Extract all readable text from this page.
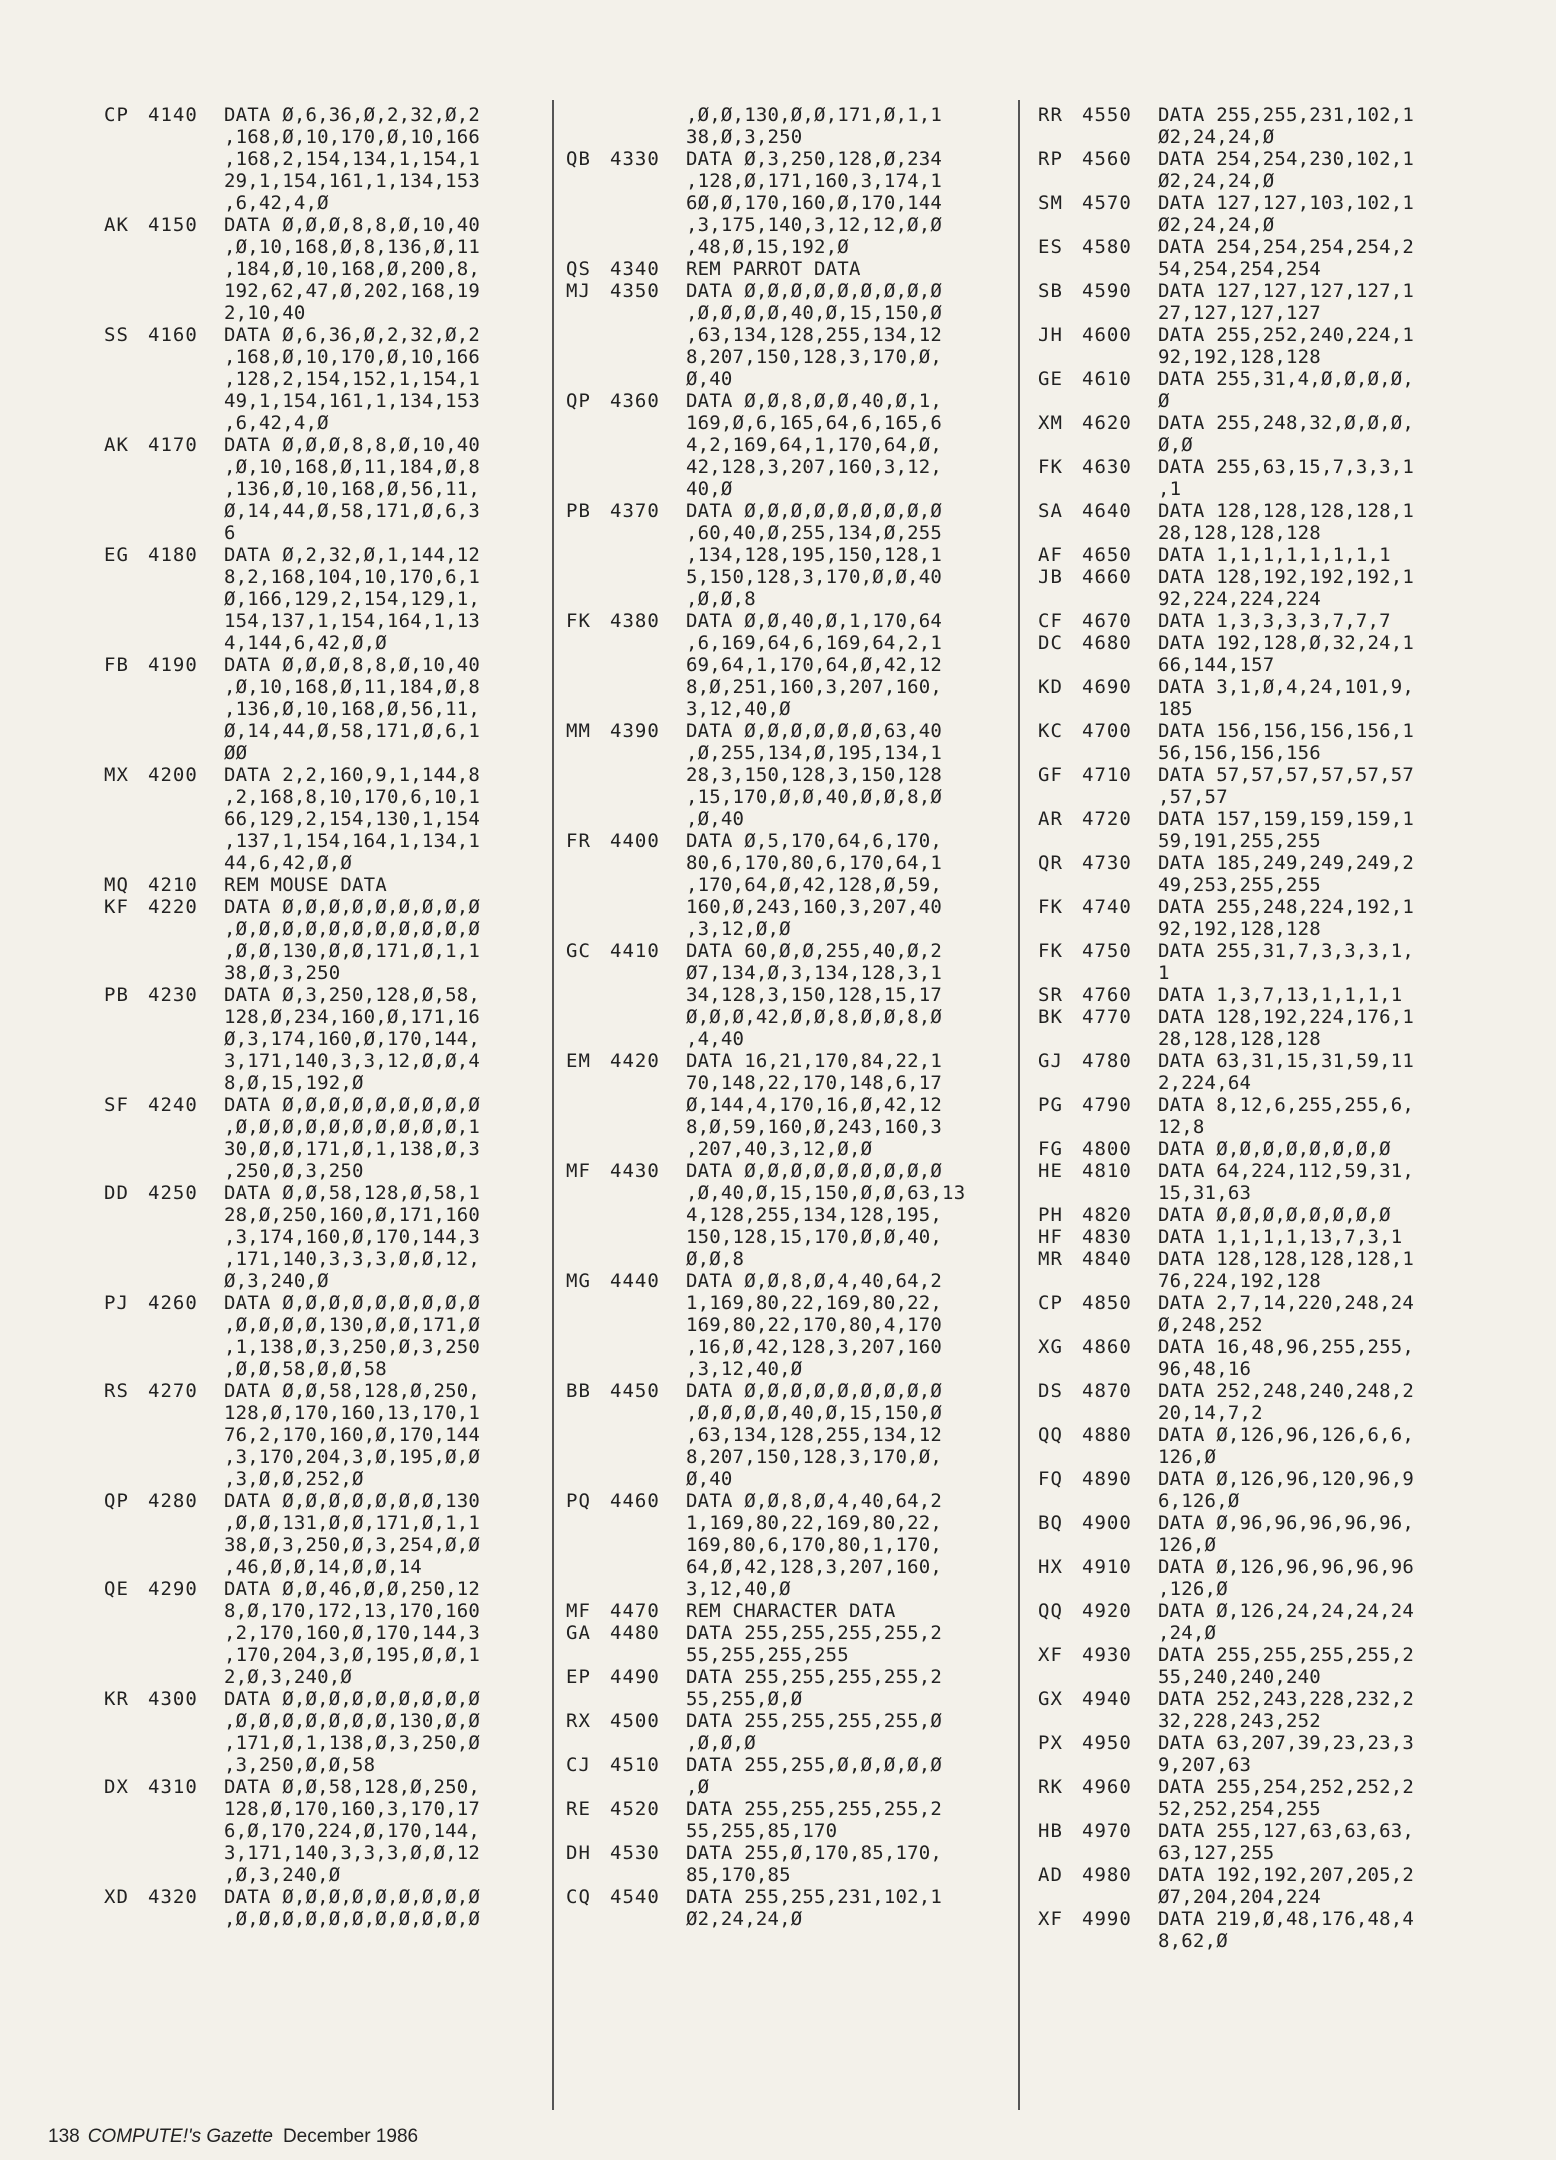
CP	4140	DATA Ø,6,36,Ø,2,32,Ø,2
,168,Ø,10,170,Ø,10,166
,168,2,154,134,1,154,1
29,1,154,161,1,134,153
,6,42,4,Ø
AK	4150	DATA Ø,Ø,Ø,8,8,Ø,10,40
,Ø,10,168,Ø,8,136,Ø,11
,184,Ø,10,168,Ø,200,8,
192,62,47,Ø,202,168,19
2,10,40
SS	4160	DATA Ø,6,36,Ø,2,32,Ø,2
,168,Ø,10,170,Ø,10,166
,128,2,154,152,1,154,1
49,1,154,161,1,134,153
,6,42,4,Ø
AK	4170	DATA Ø,Ø,Ø,8,8,Ø,10,40
,Ø,10,168,Ø,11,184,Ø,8
,136,Ø,10,168,Ø,56,11,
Ø,14,44,Ø,58,171,Ø,6,3
6
EG	4180	DATA Ø,2,32,Ø,1,144,12
8,2,168,104,10,170,6,1
Ø,166,129,2,154,129,1,
154,137,1,154,164,1,13
4,144,6,42,Ø,Ø
FB	4190	DATA Ø,Ø,Ø,8,8,Ø,10,40
,Ø,10,168,Ø,11,184,Ø,8
,136,Ø,10,168,Ø,56,11,
Ø,14,44,Ø,58,171,Ø,6,1
ØØ
MX	4200	DATA 2,2,160,9,1,144,8
,2,168,8,10,170,6,10,1
66,129,2,154,130,1,154
,137,1,154,164,1,134,1
44,6,42,Ø,Ø
MQ	4210	REM MOUSE DATA
KF	4220	DATA Ø,Ø,Ø,Ø,Ø,Ø,Ø,Ø,Ø
,Ø,Ø,Ø,Ø,Ø,Ø,Ø,Ø,Ø,Ø,Ø
,Ø,Ø,130,Ø,Ø,171,Ø,1,1
38,Ø,3,250
PB	4230	DATA Ø,3,250,128,Ø,58,
128,Ø,234,160,Ø,171,16
Ø,3,174,160,Ø,170,144,
3,171,140,3,3,12,Ø,Ø,4
8,Ø,15,192,Ø
SF	4240	DATA Ø,Ø,Ø,Ø,Ø,Ø,Ø,Ø,Ø
,Ø,Ø,Ø,Ø,Ø,Ø,Ø,Ø,Ø,Ø,1
30,Ø,Ø,171,Ø,1,138,Ø,3
,250,Ø,3,250
DD	4250	DATA Ø,Ø,58,128,Ø,58,1
28,Ø,250,160,Ø,171,160
,3,174,160,Ø,170,144,3
,171,140,3,3,3,Ø,Ø,12,
Ø,3,240,Ø
PJ	4260	DATA Ø,Ø,Ø,Ø,Ø,Ø,Ø,Ø,Ø
,Ø,Ø,Ø,Ø,130,Ø,Ø,171,Ø
,1,138,Ø,3,250,Ø,3,250
,Ø,Ø,58,Ø,Ø,58
RS	4270	DATA Ø,Ø,58,128,Ø,250,
128,Ø,170,160,13,170,1
76,2,170,160,Ø,170,144
,3,170,204,3,Ø,195,Ø,Ø
,3,Ø,Ø,252,Ø
QP	4280	DATA Ø,Ø,Ø,Ø,Ø,Ø,Ø,130
,Ø,Ø,131,Ø,Ø,171,Ø,1,1
38,Ø,3,250,Ø,3,254,Ø,Ø
,46,Ø,Ø,14,Ø,Ø,14
QE	4290	DATA Ø,Ø,46,Ø,Ø,250,12
8,Ø,170,172,13,170,160
,2,170,160,Ø,170,144,3
,170,204,3,Ø,195,Ø,Ø,1
2,Ø,3,240,Ø
KR	4300	DATA Ø,Ø,Ø,Ø,Ø,Ø,Ø,Ø,Ø
,Ø,Ø,Ø,Ø,Ø,Ø,Ø,130,Ø,Ø
,171,Ø,1,138,Ø,3,250,Ø
,3,250,Ø,Ø,58
DX	4310	DATA Ø,Ø,58,128,Ø,250,
128,Ø,170,160,3,170,17
6,Ø,170,224,Ø,170,144,
3,171,140,3,3,3,Ø,Ø,12
,Ø,3,240,Ø
XD	4320	DATA Ø,Ø,Ø,Ø,Ø,Ø,Ø,Ø,Ø
,Ø,Ø,Ø,Ø,Ø,Ø,Ø,Ø,Ø,Ø,Ø
,Ø,Ø,130,Ø,Ø,171,Ø,1,1
38,Ø,3,250
QB	4330	DATA Ø,3,250,128,Ø,234
,128,Ø,171,160,3,174,1
6Ø,Ø,170,160,Ø,170,144
,3,175,140,3,12,12,Ø,Ø
,48,Ø,15,192,Ø
QS	4340	REM PARROT DATA
MJ	4350	DATA Ø,Ø,Ø,Ø,Ø,Ø,Ø,Ø,Ø
,Ø,Ø,Ø,Ø,40,Ø,15,150,Ø
,63,134,128,255,134,12
8,207,150,128,3,170,Ø,
Ø,40
QP	4360	DATA Ø,Ø,8,Ø,Ø,40,Ø,1,
169,Ø,6,165,64,6,165,6
4,2,169,64,1,170,64,Ø,
42,128,3,207,160,3,12,
40,Ø
PB	4370	DATA Ø,Ø,Ø,Ø,Ø,Ø,Ø,Ø,Ø
,60,40,Ø,255,134,Ø,255
,134,128,195,150,128,1
5,150,128,3,170,Ø,Ø,40
,Ø,Ø,8
FK	4380	DATA Ø,Ø,40,Ø,1,170,64
,6,169,64,6,169,64,2,1
69,64,1,170,64,Ø,42,12
8,Ø,251,160,3,207,160,
3,12,40,Ø
MM	4390	DATA Ø,Ø,Ø,Ø,Ø,Ø,63,40
,Ø,255,134,Ø,195,134,1
28,3,150,128,3,150,128
,15,170,Ø,Ø,40,Ø,Ø,8,Ø
,Ø,40
FR	4400	DATA Ø,5,170,64,6,170,
80,6,170,80,6,170,64,1
,170,64,Ø,42,128,Ø,59,
160,Ø,243,160,3,207,40
,3,12,Ø,Ø
GC	4410	DATA 60,Ø,Ø,255,40,Ø,2
Ø7,134,Ø,3,134,128,3,1
34,128,3,150,128,15,17
Ø,Ø,Ø,42,Ø,Ø,8,Ø,Ø,8,Ø
,4,40
EM	4420	DATA 16,21,170,84,22,1
70,148,22,170,148,6,17
Ø,144,4,170,16,Ø,42,12
8,Ø,59,160,Ø,243,160,3
,207,40,3,12,Ø,Ø
MF	4430	DATA Ø,Ø,Ø,Ø,Ø,Ø,Ø,Ø,Ø
,Ø,40,Ø,15,150,Ø,Ø,63,13
4,128,255,134,128,195,
150,128,15,170,Ø,Ø,40,
Ø,Ø,8
MG	4440	DATA Ø,Ø,8,Ø,4,40,64,2
1,169,80,22,169,80,22,
169,80,22,170,80,4,170
,16,Ø,42,128,3,207,160
,3,12,40,Ø
BB	4450	DATA Ø,Ø,Ø,Ø,Ø,Ø,Ø,Ø,Ø
,Ø,Ø,Ø,Ø,40,Ø,15,150,Ø
,63,134,128,255,134,12
8,207,150,128,3,170,Ø,
Ø,40
PQ	4460	DATA Ø,Ø,8,Ø,4,40,64,2
1,169,80,22,169,80,22,
169,80,6,170,80,1,170,
64,Ø,42,128,3,207,160,
3,12,40,Ø
MF	4470	REM CHARACTER DATA
GA	4480	DATA 255,255,255,255,2
55,255,255,255
EP	4490	DATA 255,255,255,255,2
55,255,Ø,Ø
RX	4500	DATA 255,255,255,255,Ø
,Ø,Ø,Ø
CJ	4510	DATA 255,255,Ø,Ø,Ø,Ø,Ø
,Ø
RE	4520	DATA 255,255,255,255,2
55,255,85,170
DH	4530	DATA 255,Ø,170,85,170,
85,170,85
CQ	4540	DATA 255,255,231,102,1
Ø2,24,24,Ø
RR	4550	DATA 255,255,231,102,1
Ø2,24,24,Ø
RP	4560	DATA 254,254,230,102,1
Ø2,24,24,Ø
SM	4570	DATA 127,127,103,102,1
Ø2,24,24,Ø
ES	4580	DATA 254,254,254,254,2
54,254,254,254
SB	4590	DATA 127,127,127,127,1
27,127,127,127
JH	4600	DATA 255,252,240,224,1
92,192,128,128
GE	4610	DATA 255,31,4,Ø,Ø,Ø,Ø,
Ø
XM	4620	DATA 255,248,32,Ø,Ø,Ø,
Ø,Ø
FK	4630	DATA 255,63,15,7,3,3,1
,1
SA	4640	DATA 128,128,128,128,1
28,128,128,128
AF	4650	DATA 1,1,1,1,1,1,1,1
JB	4660	DATA 128,192,192,192,1
92,224,224,224
CF	4670	DATA 1,3,3,3,3,7,7,7
DC	4680	DATA 192,128,Ø,32,24,1
66,144,157
KD	4690	DATA 3,1,Ø,4,24,101,9,
185
KC	4700	DATA 156,156,156,156,1
56,156,156,156
GF	4710	DATA 57,57,57,57,57,57
,57,57
AR	4720	DATA 157,159,159,159,1
59,191,255,255
QR	4730	DATA 185,249,249,249,2
49,253,255,255
FK	4740	DATA 255,248,224,192,1
92,192,128,128
FK	4750	DATA 255,31,7,3,3,3,1,
1
SR	4760	DATA 1,3,7,13,1,1,1,1
BK	4770	DATA 128,192,224,176,1
28,128,128,128
GJ	4780	DATA 63,31,15,31,59,11
2,224,64
PG	4790	DATA 8,12,6,255,255,6,
12,8
FG	4800	DATA Ø,Ø,Ø,Ø,Ø,Ø,Ø,Ø
HE	4810	DATA 64,224,112,59,31,
15,31,63
PH	4820	DATA Ø,Ø,Ø,Ø,Ø,Ø,Ø,Ø
HF	4830	DATA 1,1,1,1,13,7,3,1
MR	4840	DATA 128,128,128,128,1
76,224,192,128
CP	4850	DATA 2,7,14,220,248,24
Ø,248,252
XG	4860	DATA 16,48,96,255,255,
96,48,16
DS	4870	DATA 252,248,240,248,2
20,14,7,2
QQ	4880	DATA Ø,126,96,126,6,6,
126,Ø
FQ	4890	DATA Ø,126,96,120,96,9
6,126,Ø
BQ	4900	DATA Ø,96,96,96,96,96,
126,Ø
HX	4910	DATA Ø,126,96,96,96,96
,126,Ø
QQ	4920	DATA Ø,126,24,24,24,24
,24,Ø
XF	4930	DATA 255,255,255,255,2
55,240,240,240
GX	4940	DATA 252,243,228,232,2
32,228,243,252
PX	4950	DATA 63,207,39,23,23,3
9,207,63
RK	4960	DATA 255,254,252,252,2
52,252,254,255
HB	4970	DATA 255,127,63,63,63,
63,127,255
AD	4980	DATA 192,192,207,205,2
Ø7,204,204,224
XF	4990	DATA 219,Ø,48,176,48,4
8,62,Ø
138 COMPUTE!'s Gazette December 1986
